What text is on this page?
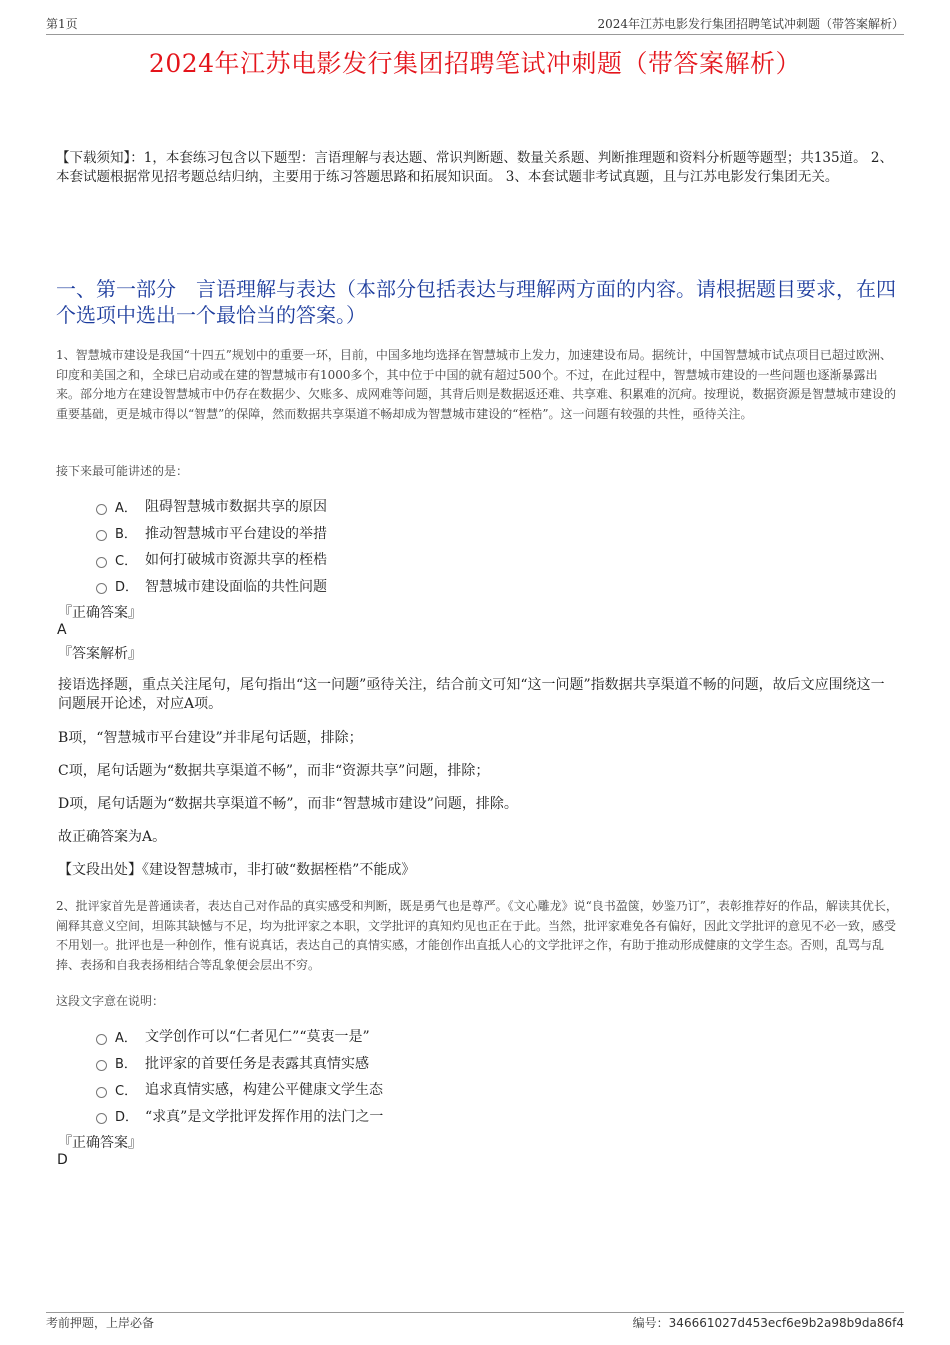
第1页	2024年江苏电影发行集团招聘笔试冲刺题（带答案解析）
2024年江苏电影发行集团招聘笔试冲刺题（带答案解析）
【下载须知】：1，本套练习包含以下题型：言语理解与表达题、常识判断题、数量关系题、判断推理题和资料分析题等题型；共135道。 2、本套试题根据常见招考题总结归纳，主要用于练习答题思路和拓展知识面。 3、本套试题非考试真题，且与江苏电影发行集团无关。
一、第一部分　言语理解与表达（本部分包括表达与理解两方面的内容。请根据题目要求，在四个选项中选出一个最恰当的答案。）
1、智慧城市建设是我国“十四五”规划中的重要一环，目前，中国多地均选择在智慧城市上发力，加速建设布局。据统计，中国智慧城市试点项目已超过欧洲、印度和美国之和，全球已启动或在建的智慧城市有1000多个，其中位于中国的就有超过500个。不过，在此过程中，智慧城市建设的一些问题也逐渐暴露出来。部分地方在建设智慧城市中仍存在数据少、欠账多、成网难等问题，其背后则是数据返还难、共享难、积累难的沉疴。按理说，数据资源是智慧城市建设的重要基础，更是城市得以“智慧”的保障，然而数据共享渠道不畅却成为智慧城市建设的“桎梏”。这一问题有较强的共性，亟待关注。
接下来最可能讲述的是：
A． 阻碍智慧城市数据共享的原因
B． 推动智慧城市平台建设的举措
C． 如何打破城市资源共享的桎梏
D． 智慧城市建设面临的共性问题
『正确答案』
A
『答案解析』
接语选择题，重点关注尾句，尾句指出“这一问题”亟待关注，结合前文可知“这一问题”指数据共享渠道不畅的问题，故后文应围绕这一问题展开论述，对应A项。
B项，“智慧城市平台建设”并非尾句话题，排除；
C项，尾句话题为“数据共享渠道不畅”，而非“资源共享”问题，排除；
D项，尾句话题为“数据共享渠道不畅”，而非“智慧城市建设”问题，排除。
故正确答案为A。
【文段出处】《建设智慧城市，非打破“数据桎梏”不能成》
2、批评家首先是普通读者，表达自己对作品的真实感受和判断，既是勇气也是尊严。《文心雕龙》说“良书盈箧，妙鉴乃订”，表彰推荐好的作品，解读其优长，阐释其意义空间，坦陈其缺憾与不足，均为批评家之本职，文学批评的真知灼见也正在于此。当然，批评家难免各有偏好，因此文学批评的意见不必一致，感受不用划一。批评也是一种创作，惟有说真话，表达自己的真情实感，才能创作出直抵人心的文学批评之作，有助于推动形成健康的文学生态。否则，乱骂与乱捧、表扬和自我表扬相结合等乱象便会层出不穷。
这段文字意在说明：
A． 文学创作可以“仁者见仁”“莫衷一是”
B． 批评家的首要任务是表露其真情实感
C． 追求真情实感，构建公平健康文学生态
D． “求真”是文学批评发挥作用的法门之一
『正确答案』
D
考前押题，上岸必备	编号：346661027d453ecf6e9b2a98b9da86f4
